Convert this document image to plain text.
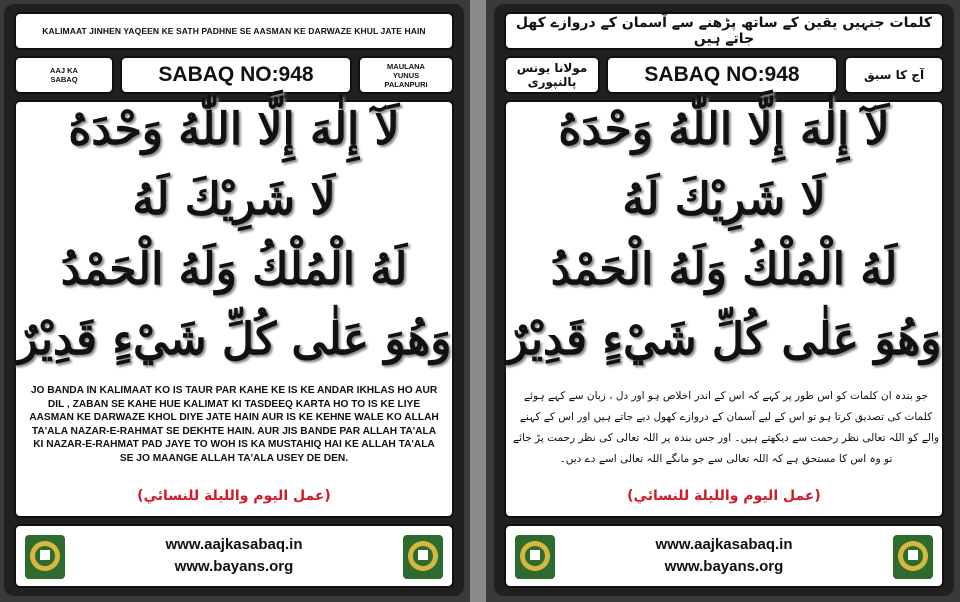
KALIMAAT JINHEN YAQEEN KE SATH PADHNE SE AASMAN KE DARWAZE KHUL JATE HAIN
AAJ KA
SABAQ	SABAQ NO:948	MAULANA
YUNUS
PALANPURI
لَآ إِلٰهَ إِلَّا اللّٰهُ وَحْدَهُ
لَا شَرِيْكَ لَهُ
لَهُ الْمُلْكُ وَلَهُ الْحَمْدُ
وَهُوَ عَلٰى كُلِّ شَيْءٍ قَدِيْرٌ
JO BANDA IN KALIMAAT KO IS TAUR PAR KAHE KE IS KE ANDAR IKHLAS HO AUR DIL , ZABAN SE KAHE HUE KALIMAT KI TASDEEQ KARTA HO TO IS KE LIYE AASMAN KE DARWAZE KHOL DIYE JATE HAIN AUR IS KE KEHNE WALE KO ALLAH TA'ALA NAZAR-E-RAHMAT SE DEKHTE HAIN. AUR JIS BANDE PAR ALLAH TA'ALA KI NAZAR-E-RAHMAT PAD JAYE TO WOH IS KA MUSTAHIQ HAI KE ALLAH TA'ALA SE JO MAANGE ALLAH TA'ALA USEY DE DEN.
(عمل اليوم والليلة للنسائي)
www.aajkasabaq.in
www.bayans.org
کلمات جنہیں یقین کے ساتھ پڑھنے سے آسمان کے دروازے کھل جاتے ہیں
مولانا یونس پالنپوری	SABAQ NO:948	آج کا سبق
لَآ إِلٰهَ إِلَّا اللّٰهُ وَحْدَهُ
لَا شَرِيْكَ لَهُ
لَهُ الْمُلْكُ وَلَهُ الْحَمْدُ
وَهُوَ عَلٰى كُلِّ شَيْءٍ قَدِيْرٌ
جو بندہ ان کلمات کو اس طور پر کہے کہ اس کے اندر اخلاص ہو اور دل ، زبان سے کہے ہوئے کلمات کی تصدیق کرتا ہو تو اس کے لیے آسمان کے دروازے کھول دیے جاتے ہیں اور اس کے کہنے والے کو اللہ تعالی نظر رحمت سے دیکھتے ہیں۔ اور جس بندہ پر اللہ تعالی کی نظر رحمت پڑ جائے تو وہ اس کا مستحق ہے کہ اللہ تعالی سے جو مانگے اللہ تعالی اسے دے دیں۔
(عمل اليوم والليلة للنسائي)
www.aajkasabaq.in
www.bayans.org
